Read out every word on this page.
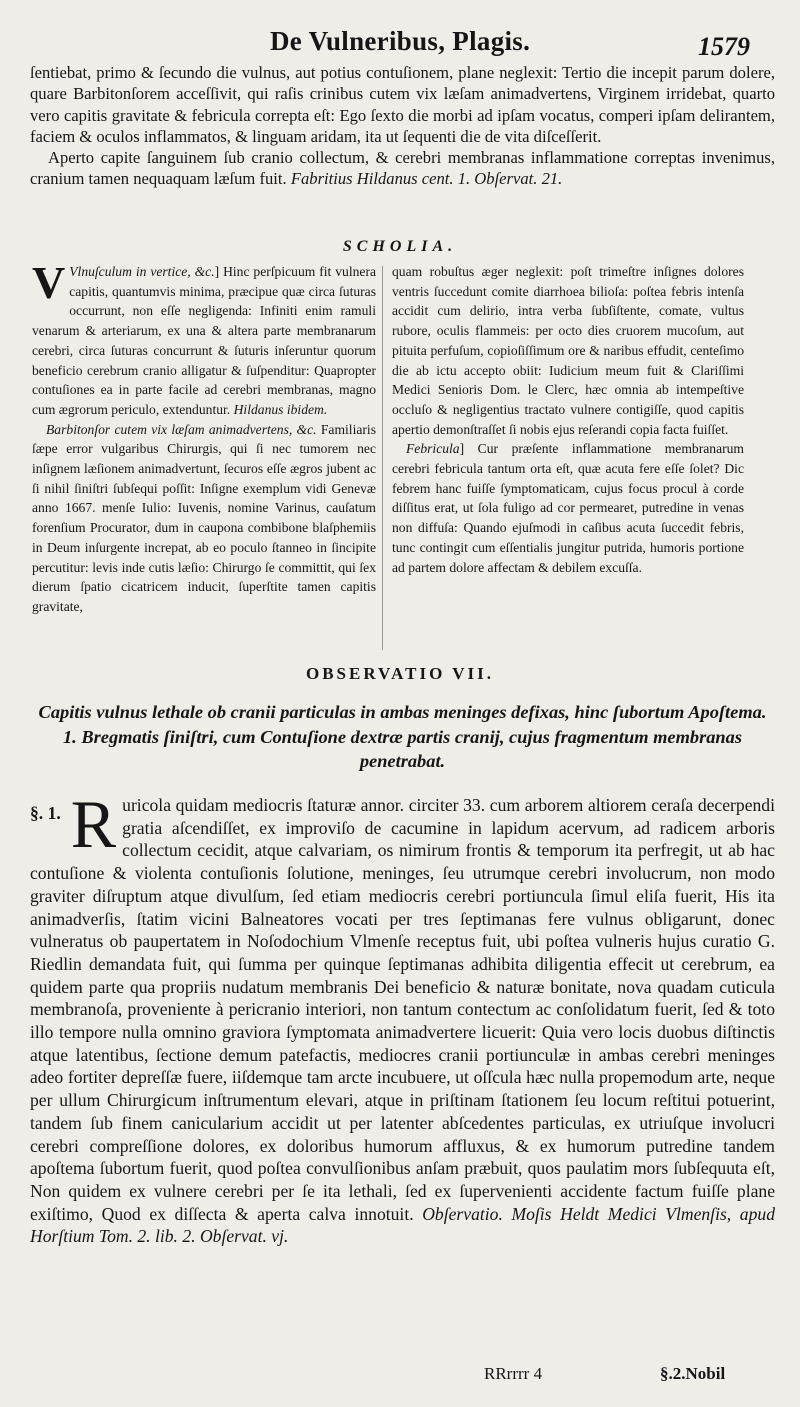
De Vulneribus, Plagis.	1579

ſentiebat, primo & ſecundo die vulnus, aut potius contuſionem, plane neglexit: Tertio die incepit parum dolere, quare Barbitonſorem acceſſivit, qui raſis crinibus cutem vix læſam animadvertens, Virginem irridebat, quarto vero capitis gravitate & febricula correpta eſt: Ego ſexto die morbi ad ipſam vocatus, comperi ipſam delirantem, faciem & oculos inflammatos, & linguam aridam, ita ut ſequenti die de vita diſceſſerit.

Aperto capite ſanguinem ſub cranio collectum, & cerebri membranas inflammatione correptas invenimus, cranium tamen nequaquam læſum fuit. Fabritius Hildanus cent. 1. Obſervat. 21.

SCHOLIA.

V Vlnuſculum in vertice, &c.] Hinc perſpicuum fit vulnera capitis, quantumvis minima, præcipue quæ circa ſuturas occurrunt, non eſſe negligenda: Infiniti enim ramuli venarum & arteriarum, ex una & altera parte membranarum cerebri, circa ſuturas concurrunt & ſuturis inſeruntur quorum beneficio cerebrum cranio alligatur & ſuſpenditur: Quapropter contuſiones ea in parte facile ad cerebri membranas, magno cum ægrorum periculo, extenduntur. Hildanus ibidem.

Barbitonſor cutem vix læſam animadvertens, &c. Familiaris ſæpe error vulgaribus Chirurgis, qui ſi nec tumorem nec inſignem læſionem animadvertunt, ſecuros eſſe ægros jubent ac ſi nihil ſiniſtri ſubſequi poſſit: Inſigne exemplum vidi Genevæ anno 1667. menſe Iulio: Iuvenis, nomine Varinus, cauſatum forenſium Procurator, dum in caupona combibone blaſphemiis in Deum inſurgente increpat, ab eo poculo ſtanneo in ſincipite percutitur: levis inde cutis læſio: Chirurgo ſe committit, qui ſex dierum ſpatio cicatricem inducit, ſuperſtite tamen capitis gravitate,

quam robuſtus æger neglexit: poſt trimeſtre inſignes dolores ventris ſuccedunt comite diarrhoea bilioſa: poſtea febris intenſa accidit cum delirio, intra verba ſubſiſtente, comate, vultus rubore, oculis flammeis: per octo dies cruorem mucoſum, aut pituita perfuſum, copioſiſſimum ore & naribus effudit, centeſimo die ab ictu accepto obiit: Iudicium meum fuit & Clariſſimi Medici Senioris Dom. le Clerc, hæc omnia ab intempeſtive occluſo & negligentius tractato vulnere contigiſſe, quod capitis apertio demonſtraſſet ſi nobis ejus reſerandi copia facta fuiſſet.

Febricula] Cur præſente inflammatione membranarum cerebri febricula tantum orta eſt, quæ acuta fere eſſe ſolet? Dic febrem hanc fuiſſe ſymptomaticam, cujus focus procul à corde diſſitus erat, ut ſola fuligo ad cor permearet, putredine in venas non diffuſa: Quando ejuſmodi in caſibus acuta ſuccedit febris, tunc contingit cum eſſentialis jungitur putrida, humoris portione ad partem dolore affectam & debilem excuſſa.

OBSERVATIO VII.
Capitis vulnus lethale ob cranii particulas in ambas meninges defixas, hinc ſubortum Apoſtema.
1. Bregmatis ſiniſtri, cum Contuſione dextræ partis cranij, cujus fragmentum membranas penetrabat.
§. 1. R uricola quidam mediocris ſtaturæ annor. circiter 33. cum arborem altiorem ceraſa decerpendi gratia aſcendiſſet, ex improviſo de cacumine in lapidum acervum, ad radicem arboris collectum cecidit, atque calvariam, os nimirum frontis & temporum ita perfregit, ut ab hac contuſione & violenta contuſionis ſolutione, meninges, ſeu utrumque cerebri involucrum, non modo graviter diſruptum atque divulſum, ſed etiam mediocris cerebri portiuncula ſimul eliſa fuerit, His ita animadverſis, ſtatim vicini Balneatores vocati per tres ſeptimanas fere vulnus obligarunt, donec vulneratus ob paupertatem in Noſodochium Vlmenſe receptus fuit, ubi poſtea vulneris hujus curatio G. Riedlin demandata fuit, qui ſumma per quinque ſeptimanas adhibita diligentia effecit ut cerebrum, ea quidem parte qua propriis nudatum membranis Dei beneficio & naturæ bonitate, nova quadam cuticula membranoſa, proveniente à pericranio interiori, non tantum contectum ac conſolidatum fuerit, ſed & toto illo tempore nulla omnino graviora ſymptomata animadvertere licuerit: Quia vero locis duobus diſtinctis atque latentibus, ſectione demum patefactis, mediocres cranii portiunculæ in ambas cerebri meninges adeo fortiter depreſſæ fuere, iiſdemque tam arcte incubuere, ut oſſcula hæc nulla propemodum arte, neque per ullum Chirurgicum inſtrumentum elevari, atque in priſtinam ſtationem ſeu locum reſtitui potuerint, tandem ſub finem canicularium accidit ut per latenter abſcedentes particulas, ex utriuſque involucri cerebri compreſſione dolores, ex doloribus humorum affluxus, & ex humorum putredine tandem apoſtema ſubortum fuerit, quod poſtea convulſionibus anſam præbuit, quos paulatim mors ſubſequuta eſt, Non quidem ex vulnere cerebri per ſe ita lethali, ſed ex ſupervenienti accidente factum fuiſſe plane exiſtimo, Quod ex diſſecta & aperta calva innotuit. Obſervatio. Moſis Heldt Medici Vlmenſis, apud Horſtium Tom. 2. lib. 2. Obſervat. vj.
RRrrrr 4	§.2.Nobil
